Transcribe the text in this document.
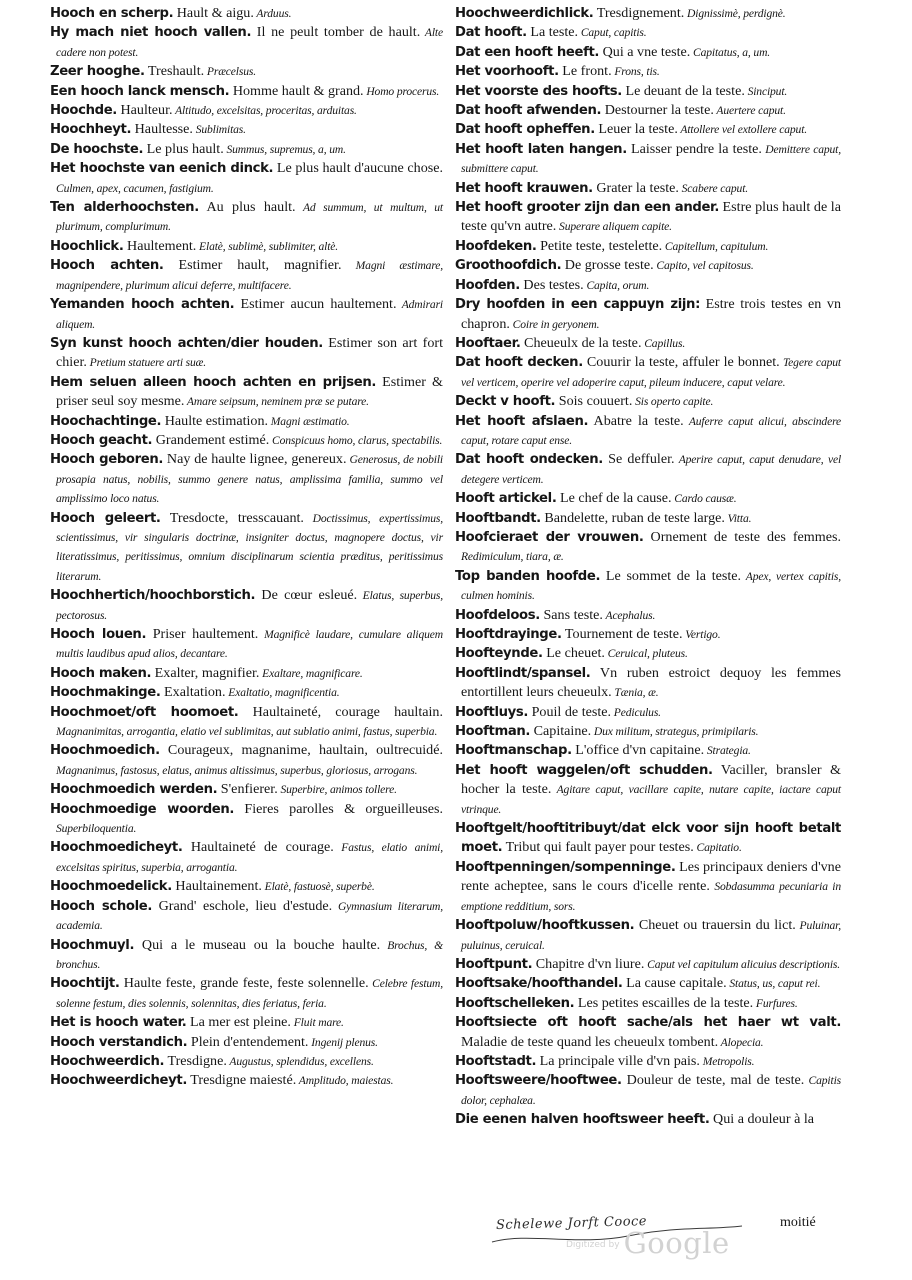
Hooch en scherp. Hault & aigu. Arduus.
Hy mach niet hooch vallen. Il ne peult tomber de hault. Alte cadere non potest.
Zeer hooghe. Treshault. Præcelsus.
Een hooch lanck mensch. Homme hault & grand. Homo procerus.
Hoochde. Haulteur. Altitudo, excelsitas, proceritas, arduitas.
Hoochheyt. Haultesse. Sublimitas.
De hoochste. Le plus hault. Summus, supremus, a, um.
Het hoochste van eenich dinck. Le plus hault d'aucune chose. Culmen, apex, cacumen, fastigium.
Ten alderhoochsten. Au plus hault. Ad summum, ut multum, ut plurimum, complurimum.
Hoochlick. Haultement. Elatè, sublimè, sublimiter, altè.
Hooch achten. Estimer hault, magnifier. Magni æstimare, magnipendere, plurimum alicui deferre, multifacere.
Yemanden hooch achten. Estimer aucun haultement. Admirari aliquem.
Syn kunst hooch achten/dier houden. Estimer son art fort chier. Pretium statuere arti suæ.
Hem seluen alleen hooch achten en prijsen. Estimer & priser seul soy mesme. Amare seipsum, neminem præ se putare.
Hoochachtinge. Haulte estimation. Magni æstimatio.
Hooch geacht. Grandement estimé. Conspicuus homo, clarus, spectabilis.
Hooch geboren. Nay de haulte lignee, genereux. Generosus, de nobili prosapia natus, nobilis, summo genere natus, amplissima familia, summo vel amplissimo loco natus.
Hooch geleert. Tresdocte, tresscauant. Doctissimus, expertissimus, scientissimus, vir singularis doctrinæ, insigniter doctus, magnopere doctus, vir literatissimus, peritissimus, omnium disciplinarum scientia præditus, peritissimus literarum.
Hoochhertich/hoochborstich. De cœur esleué. Elatus, superbus, pectorosus.
Hooch louen. Priser haultement. Magnificè laudare, cumulare aliquem multis laudibus apud alios, decantare.
Hooch maken. Exalter, magnifier. Exaltare, magnificare.
Hoochmakinge. Exaltation. Exaltatio, magnificentia.
Hoochmoet/oft hoomoet. Haultaineté, courage haultain. Magnanimitas, arrogantia, elatio vel sublimitas, aut sublatio animi, fastus, superbia.
Hoochmoedich. Courageux, magnanime, haultain, oultrecuidé. Magnanimus, fastosus, elatus, animus altissimus, superbus, gloriosus, arrogans.
Hoochmoedich werden. S'enfierer. Superbire, animos tollere.
Hoochmoedige woorden. Fieres parolles & orgueilleuses. Superbiloquentia.
Hoochmoedicheyt. Haultaineté de courage. Fastus, elatio animi, excelsitas spiritus, superbia, arrogantia.
Hoochmoedelick. Haultainement. Elatè, fastuosè, superbè.
Hooch schole. Grand' eschole, lieu d'estude. Gymnasium literarum, academia.
Hoochmuyl. Qui a le museau ou la bouche haulte. Brochus, & bronchus.
Hoochtijt. Haulte feste, grande feste, feste solennelle. Celebre festum, solenne festum, dies solennis, solennitas, dies feriatus, feria.
Het is hooch water. La mer est pleine. Fluit mare.
Hooch verstandich. Plein d'entendement. Ingenij plenus.
Hoochweerdich. Tresdigne. Augustus, splendidus, excellens.
Hoochweerdicheyt. Tresdigne maiesté. Amplitudo, maiestas.
Hoochweerdichlick. Tresdignement. Dignissimè, perdignè.
Dat hooft. La teste. Caput, capitis.
Dat een hooft heeft. Qui a vne teste. Capitatus, a, um.
Het voorhooft. Le front. Frons, tis.
Het voorste des hoofts. Le deuant de la teste. Sinciput.
Dat hooft afwenden. Destourner la teste. Auertere caput.
Dat hooft opheffen. Leuer la teste. Attollere vel extollere caput.
Het hooft laten hangen. Laisser pendre la teste. Demittere caput, submittere caput.
Het hooft krauwen. Grater la teste. Scabere caput.
Het hooft grooter zijn dan een ander. Estre plus hault de la teste qu'vn autre. Superare aliquem capite.
Hoofdeken. Petite teste, testelette. Capitellum, capitulum.
Groothoofdich. De grosse teste. Capito, vel capitosus.
Hoofden. Des testes. Capita, orum.
Dry hoofden in een cappuyn zijn: Estre trois testes en vn chapron. Coire in geryonem.
Hooftaer. Cheueulx de la teste. Capillus.
Dat hooft decken. Couurir la teste, affuler le bonnet. Tegere caput vel verticem, operire vel adoperire caput, pileum inducere, caput velare.
Deckt v hooft. Sois couuert. Sis operto capite.
Het hooft afslaen. Abatre la teste. Auferre caput alicui, abscindere caput, rotare caput ense.
Dat hooft ondecken. Se deffuler. Aperire caput, caput denudare, vel detegere verticem.
Hooft artickel. Le chef de la cause. Cardo causæ.
Hooftbandt. Bandelette, ruban de teste large. Vitta.
Hoofcieraet der vrouwen. Ornement de teste des femmes. Redimiculum, tiara, æ.
Top banden hoofde. Le sommet de la teste. Apex, vertex capitis, culmen hominis.
Hoofdeloos. Sans teste. Acephalus.
Hooftdrayinge. Tournement de teste. Vertigo.
Hoofteynde. Le cheuet. Ceruical, pluteus.
Hooftlindt/spansel. Vn ruben estroict dequoy les femmes entortillent leurs cheueulx. Tænia, æ.
Hooftluys. Pouil de teste. Pediculus.
Hooftman. Capitaine. Dux militum, strategus, primipilaris.
Hooftmanschap. L'office d'vn capitaine. Strategia.
Het hooft waggelen/oft schudden. Vaciller, bransler & hocher la teste. Agitare caput, vacillare capite, nutare capite, iactare caput vtrinque.
Hooftgelt/hooftitribuyt/dat elck voor sijn hooft betalt moet. Tribut qui fault payer pour testes. Capitatio.
Hooftpenningen/sompenninge. Les principaux deniers d'vne rente acheptee, sans le cours d'icelle rente. Sobdasumma pecuniaria in emptione redditium, sors.
Hooftpoluw/hooftkussen. Cheuet ou trauersin du lict. Puluinar, puluinus, ceruical.
Hooftpunt. Chapitre d'vn liure. Caput vel capitulum alicuius descriptionis.
Hooftsake/hoofthandel. La cause capitale. Status, us, caput rei.
Hooftschelleken. Les petites escailles de la teste. Furfures.
Hooftsiecte oft hooft sache/als het haer wt valt. Maladie de teste quand les cheueulx tombent. Alopecia.
Hooftstadt. La principale ville d'vn pais. Metropolis.
Hooftsweere/hooftwee. Douleur de teste, mal de teste. Capitis dolor, cephalæa.
Die eenen halven hooftsweer heeft. Qui a douleur à la
Schelewe Jorft Cooce	moitié
$^{Digitized by}$ Google
